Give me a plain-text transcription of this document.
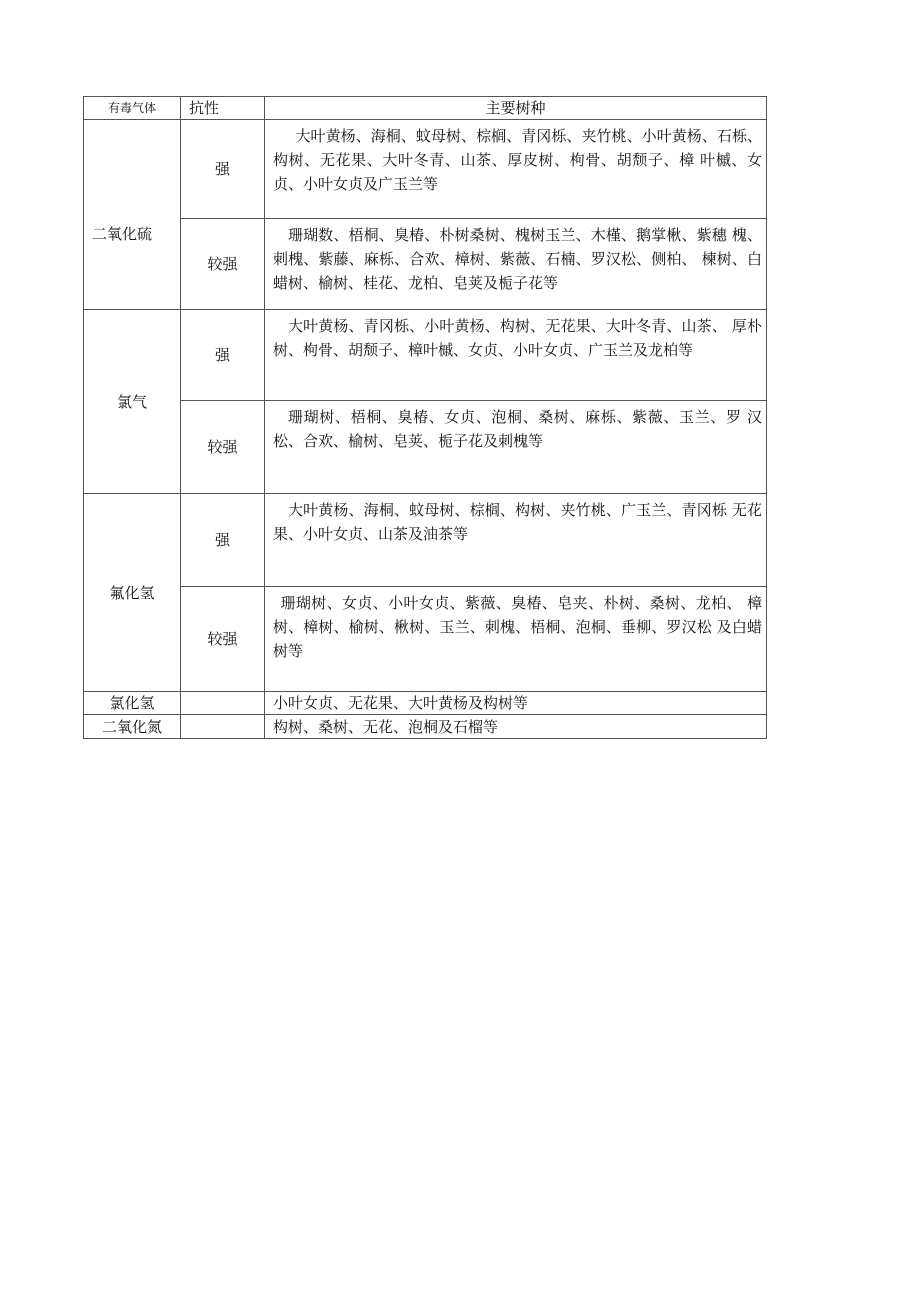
有毒气体	抗性	主要树种
二氧化硫	强	大叶黄杨、海桐、蚊母树、棕榈、青冈栎、夹竹桃、小叶黄杨、石栎、构树、无花果、大叶冬青、山茶、厚皮树、枸骨、胡颓子、樟 叶槭、女贞、小叶女贞及广玉兰等
	较强	珊瑚数、梧桐、臭椿、朴树桑树、槐树玉兰、木槿、鹅掌楸、紫穗 槐、刺槐、紫藤、麻栎、合欢、樟树、紫薇、石楠、罗汉松、侧柏、 楝树、白蜡树、榆树、桂花、龙柏、皂荚及栀子花等
氯气	强	大叶黄杨、青冈栎、小叶黄杨、构树、无花果、大叶冬青、山茶、 厚朴树、枸骨、胡颓子、樟叶槭、女贞、小叶女贞、广玉兰及龙柏等
	较强	珊瑚树、梧桐、臭椿、女贞、泡桐、桑树、麻栎、紫薇、玉兰、罗 汉松、合欢、榆树、皂荚、栀子花及刺槐等
氟化氢	强	大叶黄杨、海桐、蚊母树、棕榈、构树、夹竹桃、广玉兰、青冈栎 无花果、小叶女贞、山茶及油茶等
	较强	珊瑚树、女贞、小叶女贞、紫薇、臭椿、皂夹、朴树、桑树、龙柏、 樟树、樟树、榆树、楸树、玉兰、刺槐、梧桐、泡桐、垂柳、罗汉松 及白蜡树等
氯化氢		小叶女贞、无花果、大叶黄杨及构树等
二氧化氮		构树、桑树、无花、泡桐及石榴等
